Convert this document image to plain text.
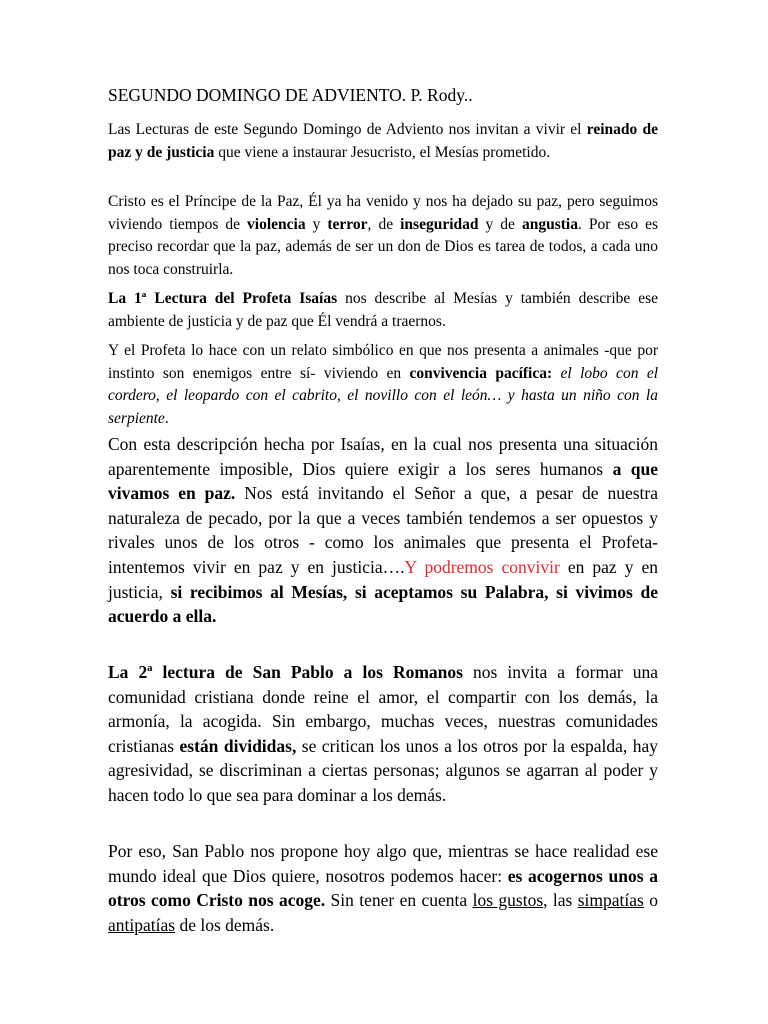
SEGUNDO DOMINGO DE ADVIENTO. P. Rody..

Las Lecturas de este Segundo Domingo de Adviento nos invitan a vivir el reinado de paz y de justicia que viene a instaurar Jesucristo, el Mesías prometido.

Cristo es el Príncipe de la Paz, Él ya ha venido y nos ha dejado su paz, pero seguimos viviendo tiempos de violencia y terror, de inseguridad y de angustia. Por eso es preciso recordar que la paz, además de ser un don de Dios es tarea de todos, a cada uno nos toca construirla.

La 1ª Lectura del Profeta Isaías nos describe al Mesías y también describe ese ambiente de justicia y de paz que Él vendrá a traernos.

Y el Profeta lo hace con un relato simbólico en que nos presenta a animales -que por instinto son enemigos entre sí- viviendo en convivencia pacífica: el lobo con el cordero, el leopardo con el cabrito, el novillo con el león… y hasta un niño con la serpiente.

Con esta descripción hecha por Isaías, en la cual nos presenta una situación aparentemente imposible, Dios quiere exigir a los seres humanos a que vivamos en paz. Nos está invitando el Señor a que, a pesar de nuestra naturaleza de pecado, por la que a veces también tendemos a ser opuestos y rivales unos de los otros - como los animales que presenta el Profeta- intentemos vivir en paz y en justicia….Y podremos convivir en paz y en justicia, si recibimos al Mesías, si aceptamos su Palabra, si vivimos de acuerdo a ella.

La 2ª lectura de San Pablo a los Romanos nos invita a formar una comunidad cristiana donde reine el amor, el compartir con los demás, la armonía, la acogida. Sin embargo, muchas veces, nuestras comunidades cristianas están divididas, se critican los unos a los otros por la espalda, hay agresividad, se discriminan a ciertas personas; algunos se agarran al poder y hacen todo lo que sea para dominar a los demás.

Por eso, San Pablo nos propone hoy algo que, mientras se hace realidad ese mundo ideal que Dios quiere, nosotros podemos hacer: es acogernos unos a otros como Cristo nos acoge. Sin tener en cuenta los gustos, las simpatías o antipatías de los demás.
